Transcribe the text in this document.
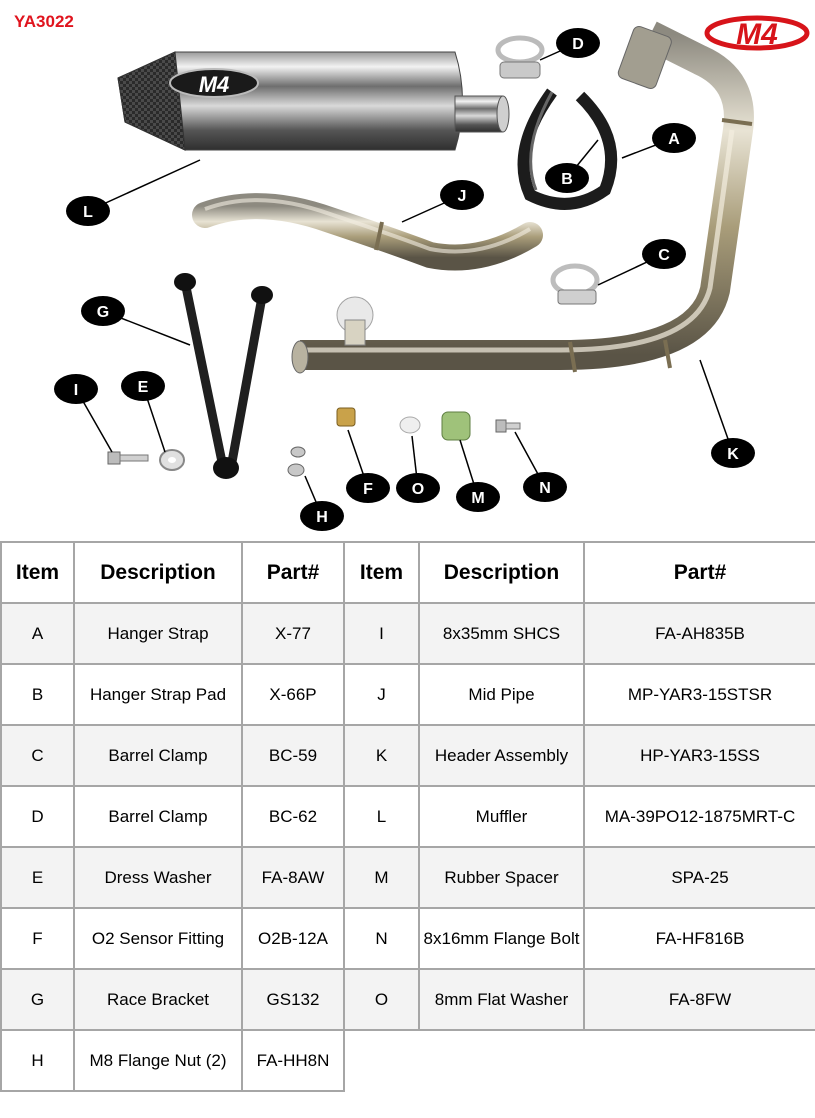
YA3022	M4
M4
A
B
C
D
E
F
G
H
I
J
K
L
M
N
O
Item	Description	Part#
A	Hanger Strap	X-77
B	Hanger Strap Pad	X-66P
C	Barrel Clamp	BC-59
D	Barrel Clamp	BC-62
E	Dress Washer	FA-8AW
F	O2 Sensor Fitting	O2B-12A
G	Race Bracket	GS132
H	M8 Flange Nut (2)	FA-HH8N
Item	Description	Part#
I	8x35mm SHCS	FA-AH835B
J	Mid Pipe	MP-YAR3-15STSR
K	Header Assembly	HP-YAR3-15SS
L	Muffler	MA-39PO12-1875MRT-C
M	Rubber Spacer	SPA-25
N	8x16mm Flange Bolt	FA-HF816B
O	8mm Flat Washer	FA-8FW
